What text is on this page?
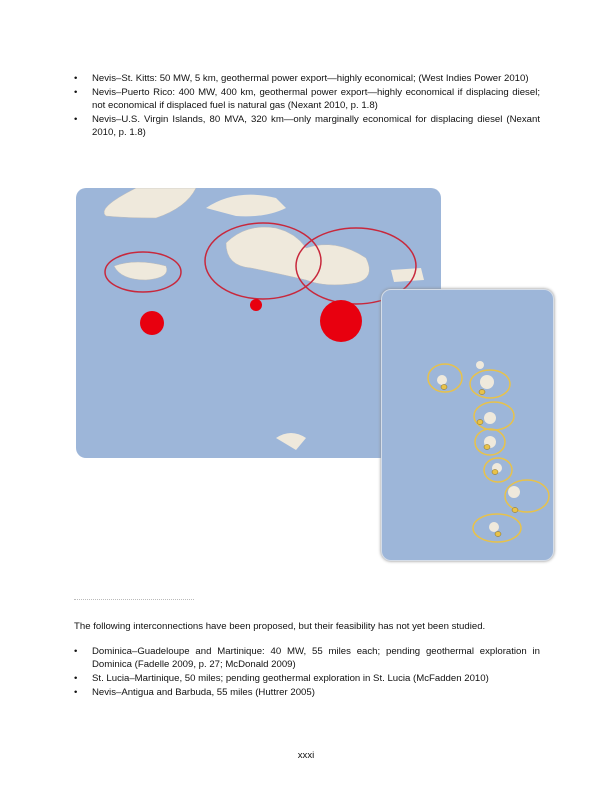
• Nevis–St. Kitts: 50 MW, 5 km, geothermal power export—highly economical; (West Indies Power 2010)
• Nevis–Puerto Rico: 400 MW, 400 km, geothermal power export—highly economical if displacing diesel; not economical if displaced fuel is natural gas (Nexant 2010, p. 1.8)
• Nevis–U.S. Virgin Islands, 80 MVA, 320 km—only marginally economical for displacing diesel (Nexant 2010, p. 1.8)
The following interconnections have been proposed, but their feasibility has not yet been studied.
• Dominica–Guadeloupe and Martinique: 40 MW, 55 miles each; pending geothermal exploration in Dominica (Fadelle 2009, p. 27; McDonald 2009)
• St. Lucia–Martinique, 50 miles; pending geothermal exploration in St. Lucia (McFadden 2010)
• Nevis–Antigua and Barbuda, 55 miles (Huttrer 2005)
xxxi
